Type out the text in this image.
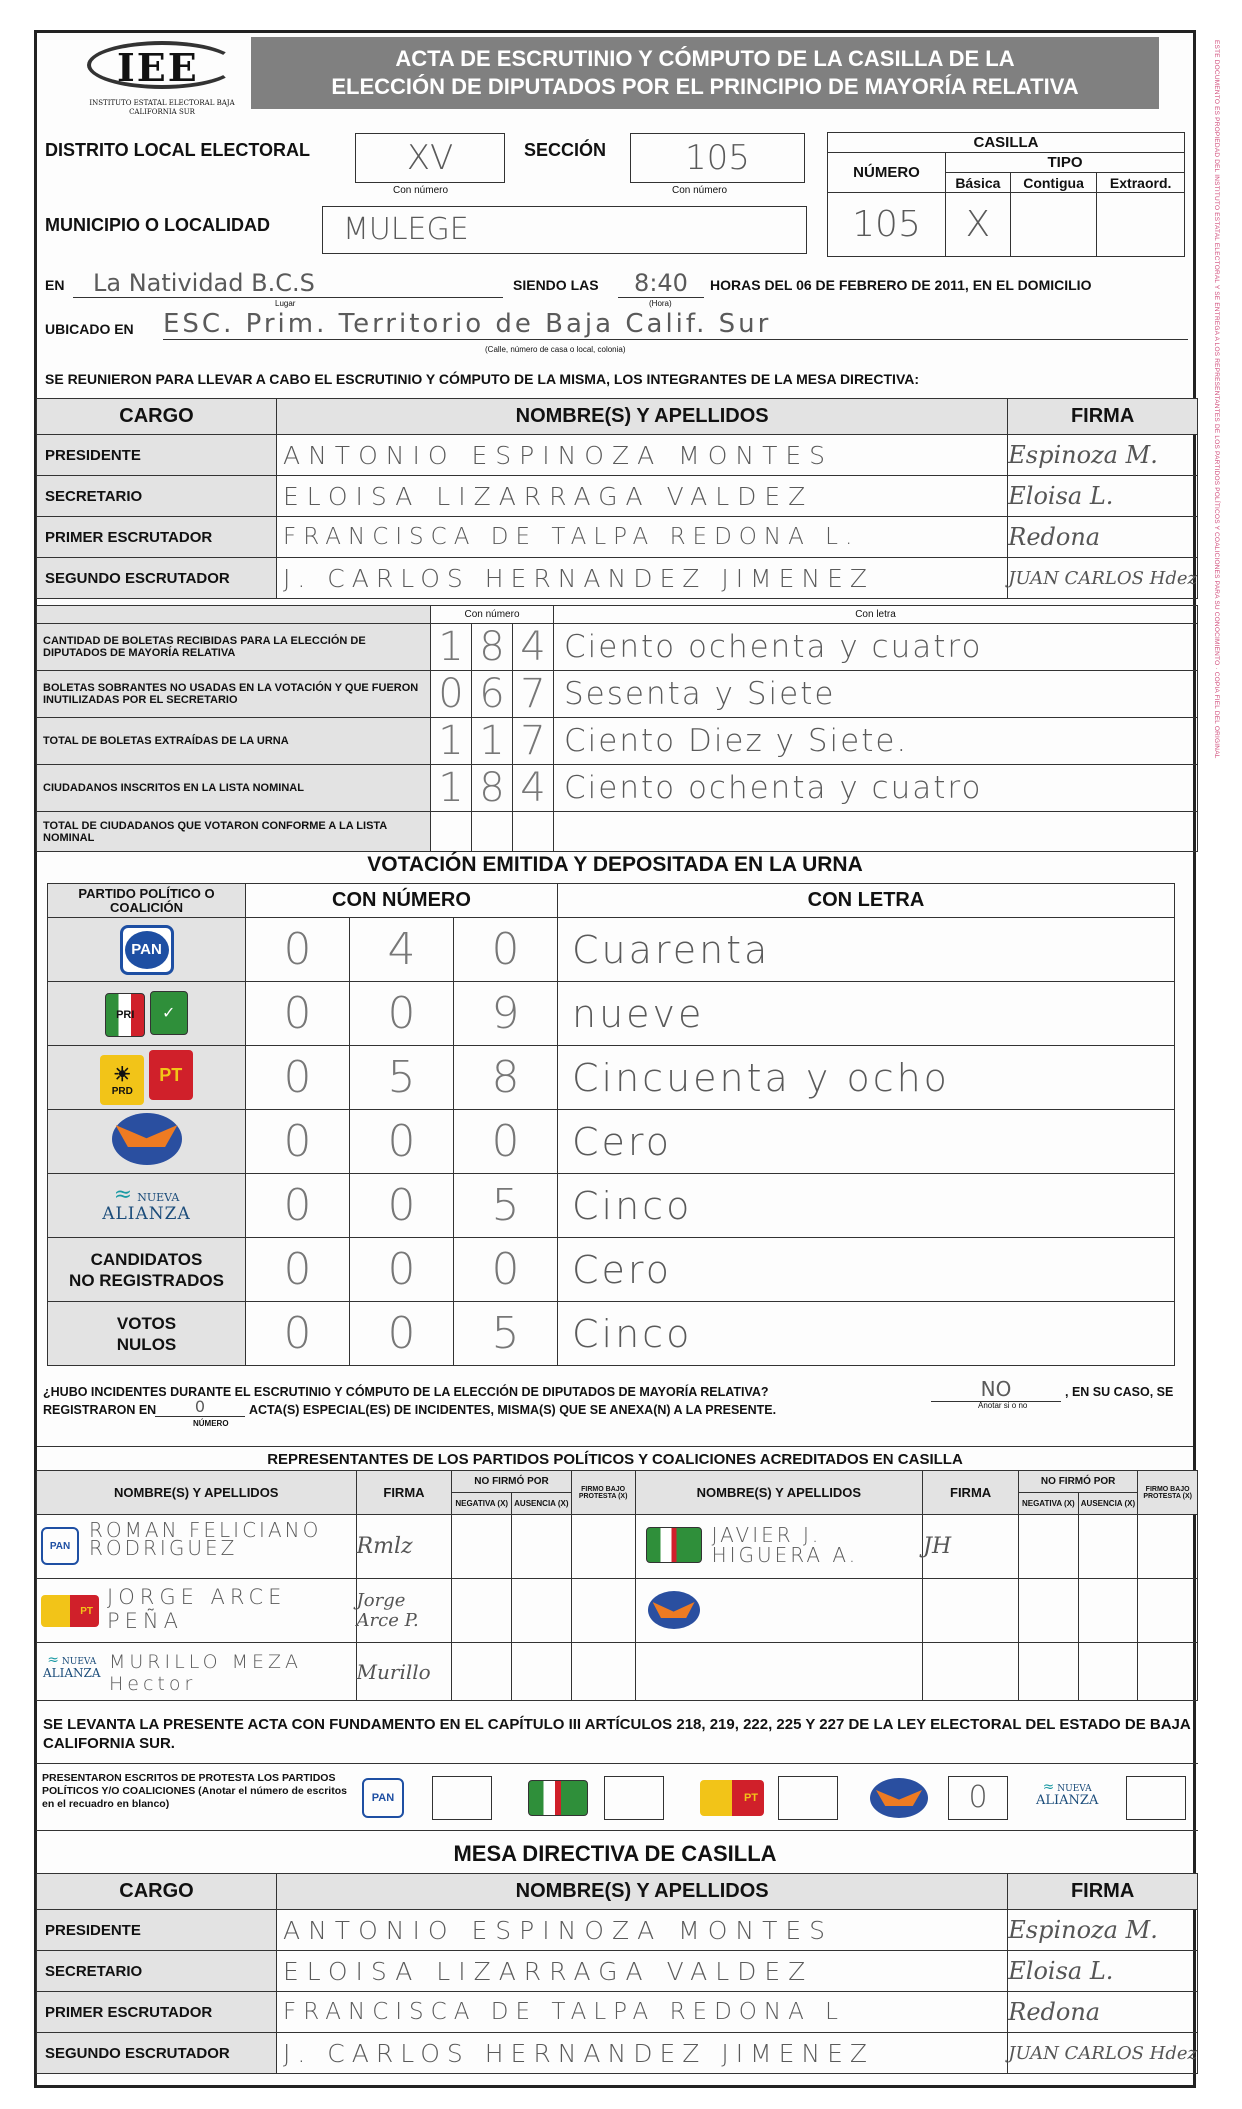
ESTE DOCUMENTO ES PROPIEDAD DEL INSTITUTO ESTATAL ELECTORAL Y SE ENTREGA A LOS REPRESENTANTES DE LOS PARTIDOS POLÍTICOS Y COALICIONES PARA SU CONOCIMIENTO · COPIA FIEL DEL ORIGINAL
IEE
INSTITUTO ESTATAL ELECTORAL BAJA CALIFORNIA SUR
ACTA DE ESCRUTINIO Y CÓMPUTO DE LA CASILLA DE LA
ELECCIÓN DE DIPUTADOS POR EL PRINCIPIO DE MAYORÍA RELATIVA
DISTRITO LOCAL ELECTORAL	XV
Con número
SECCIÓN	105
Con número
MUNICIPIO O LOCALIDAD	MULEGE
CASILLA			
NÚMERO	TIPO		
	Básica	Contigua	Extraord.
105	X		
EN	La Natividad B.C.S
Lugar
SIENDO LAS	8:40
(Hora)
HORAS DEL 06 DE FEBRERO DE 2011, EN EL DOMICILIO
UBICADO EN ESC. Prim. Territorio de Baja Calif. Sur
(Calle, número de casa o local, colonia)
SE REUNIERON PARA LLEVAR A CABO EL ESCRUTINIO Y CÓMPUTO DE LA MISMA, LOS INTEGRANTES DE LA MESA DIRECTIVA:
CARGO	NOMBRE(S) Y APELLIDOS	FIRMA
PRESIDENTE	ANTONIO ESPINOZA MONTES	Espinoza M.
SECRETARIO	ELOISA LIZARRAGA VALDEZ	Eloisa L.
PRIMER ESCRUTADOR	FRANCISCA DE TALPA REDONA L.	Redona
SEGUNDO ESCRUTADOR	J. CARLOS HERNANDEZ JIMENEZ	JUAN CARLOS Hdez
	Con número			Con letra
CANTIDAD DE BOLETAS RECIBIDAS PARA LA ELECCIÓN DE DIPUTADOS DE MAYORÍA RELATIVA	1	8	4	Ciento ochenta y cuatro
BOLETAS SOBRANTES NO USADAS EN LA VOTACIÓN Y QUE FUERON INUTILIZADAS POR EL SECRETARIO	0	6	7	Sesenta y Siete
TOTAL DE BOLETAS EXTRAÍDAS DE LA URNA	1	1	7	Ciento Diez y Siete.
CIUDADANOS INSCRITOS EN LA LISTA NOMINAL	1	8	4	Ciento ochenta y cuatro
TOTAL DE CIUDADANOS QUE VOTARON CONFORME A LA LISTA NOMINAL				
VOTACIÓN EMITIDA Y DEPOSITADA EN LA URNA
PARTIDO POLÍTICO O COALICIÓN	CON NÚMERO			CON LETRA

PAN	0	4	0	Cuarenta

PRI ✓	0	0	9	nueve

☀
PRD

PT	0	5	8	Cincuenta y ocho

	0	0	0	Cero
≈ NUEVA
ALIANZA	0	0	5	Cinco
CANDIDATOS
NO REGISTRADOS	0	0	0	Cero
VOTOS
NULOS	0	0	5	Cinco
¿HUBO INCIDENTES DURANTE EL ESCRUTINIO Y CÓMPUTO DE LA ELECCIÓN DE DIPUTADOS DE MAYORÍA RELATIVA?	NO
Anotar si o no
, EN SU CASO, SE
REGISTRARON EN	0
NÚMERO
ACTA(S) ESPECIAL(ES) DE INCIDENTES, MISMA(S) QUE SE ANEXA(N) A LA PRESENTE.
REPRESENTANTES DE LOS PARTIDOS POLÍTICOS Y COALICIONES ACREDITADOS EN CASILLA
NOMBRE(S) Y APELLIDOS	FIRMA	NO FIRMÓ POR		FIRMO BAJO PROTESTA (X)	NOMBRE(S) Y APELLIDOS	FIRMA	NO FIRMÓ POR		FIRMO BAJO PROTESTA (X)
		NEGATIVA (X)	AUSENCIA (X)				NEGATIVA (X)	AUSENCIA (X)	

PAN
ROMAN FELICIANO RODRIGUEZ	Rmlz				JAVIER J. HIGUERA A.	JH			

PT
JORGE ARCE PEÑA	Jorge Arce P.				

≈ NUEVA
ALIANZA MURILLO MEZA Hector	Murillo								
SE LEVANTA LA PRESENTE ACTA CON FUNDAMENTO EN EL CAPÍTULO III ARTÍCULOS 218, 219, 222, 225 Y 227 DE LA LEY ELECTORAL DEL ESTADO DE BAJA CALIFORNIA SUR.
PRESENTARON ESCRITOS DE PROTESTA LOS PARTIDOS POLÍTICOS Y/O COALICIONES (Anotar el número de escritos en el recuadro en blanco)	PAN	PT	0	≈ NUEVA
ALIANZA
MESA DIRECTIVA DE CASILLA
CARGO	NOMBRE(S) Y APELLIDOS	FIRMA
PRESIDENTE	ANTONIO ESPINOZA MONTES	Espinoza M.
SECRETARIO	ELOISA LIZARRAGA VALDEZ	Eloisa L.
PRIMER ESCRUTADOR	FRANCISCA DE TALPA REDONA L	Redona
SEGUNDO ESCRUTADOR	J. CARLOS HERNANDEZ JIMENEZ	JUAN CARLOS Hdez
